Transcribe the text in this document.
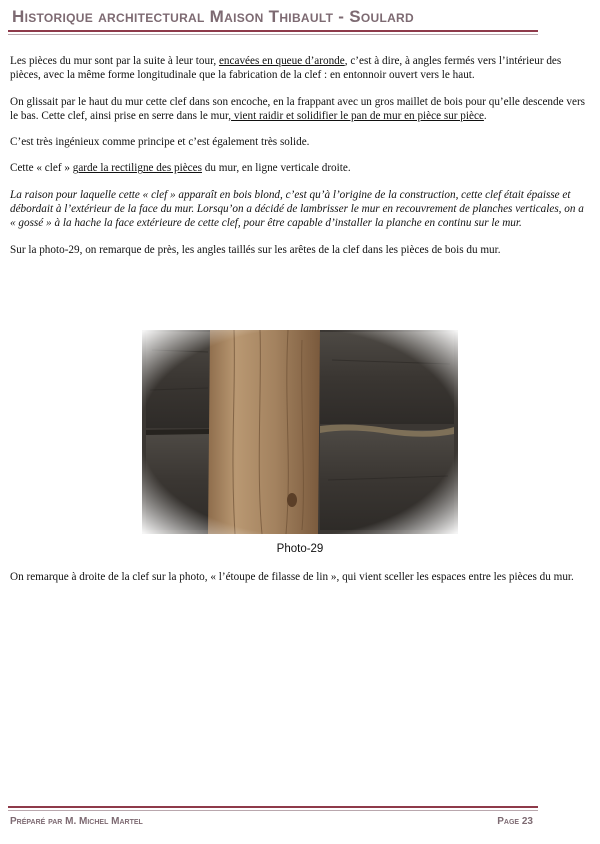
Historique architectural Maison Thibault - Soulard

Les pièces du mur sont par la suite à leur tour, encavées en queue d’aronde, c’est à dire, à angles fermés vers l’intérieur des pièces, avec la même forme longitudinale que la fabrication de la clef : en entonnoir ouvert vers le haut.

On glissait par le haut du mur cette clef dans son encoche, en la frappant avec un gros maillet de bois pour qu’elle descende vers le bas. Cette clef, ainsi prise en serre dans le mur, vient raidir et solidifier le pan de mur en pièce sur pièce.

C’est très ingénieux comme principe et c’est également très solide.

Cette « clef » garde la rectiligne des pièces du mur, en ligne verticale droite.

La raison pour laquelle cette « clef » apparaît en bois blond, c’est qu’à l’origine de la construction, cette clef était épaisse et débordait à l’extérieur de la face du mur. Lorsqu’on a décidé de lambrisser le mur en recouvrement de planches verticales, on a « gossé » à la hache la face extérieure de cette clef, pour être capable d’installer la planche en continu sur le mur.

Sur la photo-29, on remarque de près, les angles taillés sur les arêtes de la clef dans les pièces de bois du mur.

Photo-29

On remarque à droite de la clef sur la photo, « l’étoupe de filasse de lin », qui vient sceller les espaces entre les pièces du mur.

Préparé par M. Michel Martel	Page 23
